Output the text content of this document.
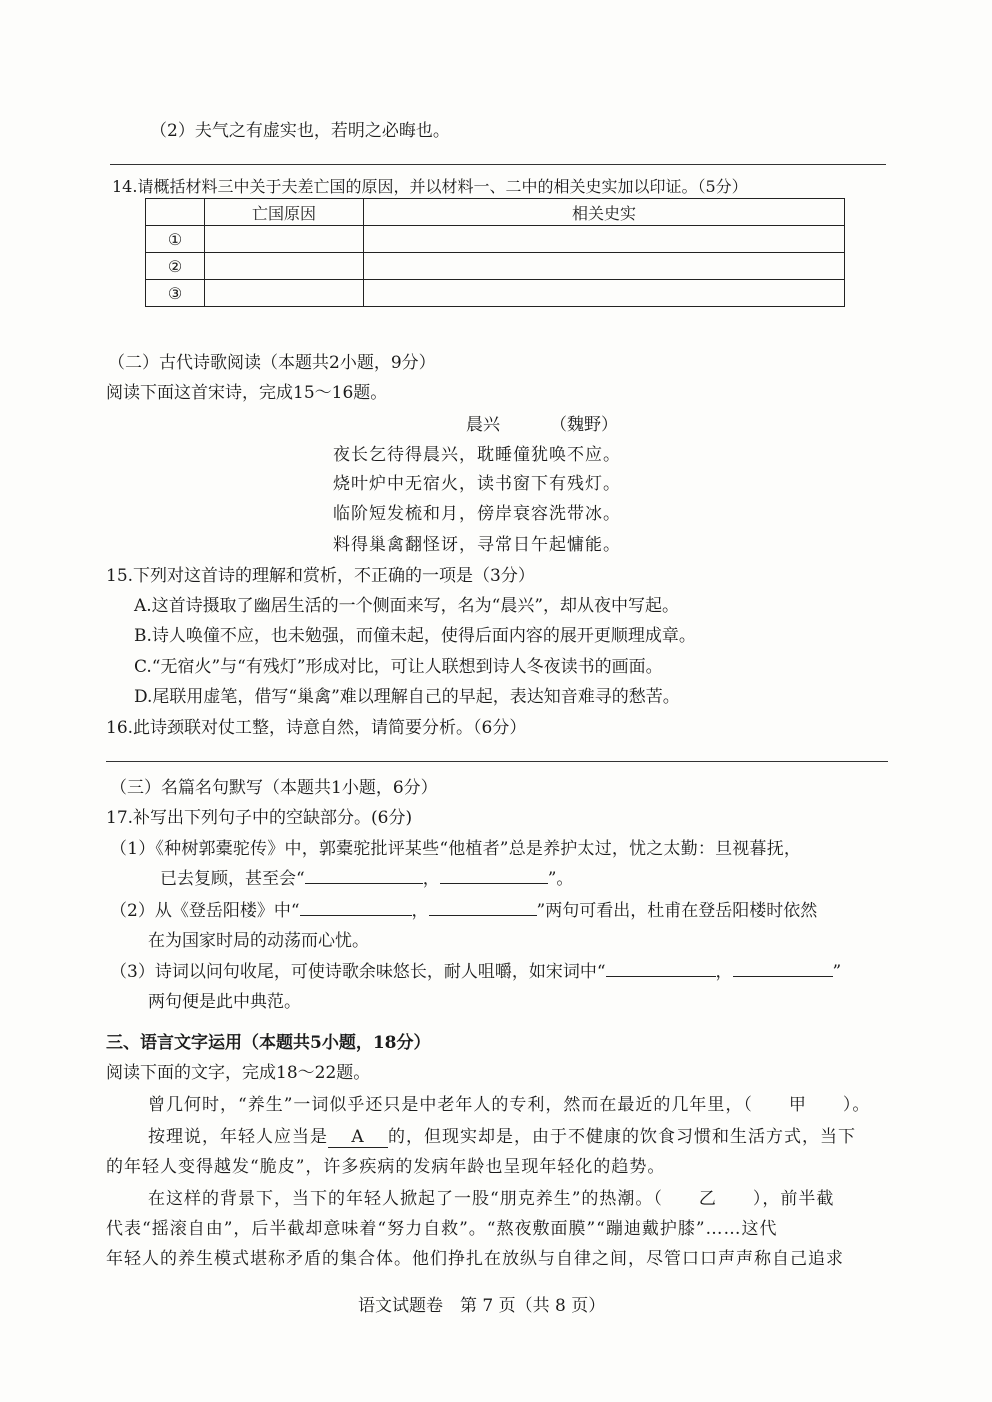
（2）夫气之有虚实也，若明之必晦也。
14.请概括材料三中关于夫差亡国的原因，并以材料一、二中的相关史实加以印证。（5分）
	亡国原因	相关史实
①		
②		
③		
（二）古代诗歌阅读（本题共2小题，9分）
阅读下面这首宋诗，完成15～16题。
晨兴	（魏野）
夜长乞待得晨兴，耽睡僮犹唤不应。
烧叶炉中无宿火，读书窗下有残灯。
临阶短发梳和月，傍岸衰容洗带冰。
料得巢禽翻怪讶，寻常日午起慵能。
15.下列对这首诗的理解和赏析，不正确的一项是（3分）
A.这首诗摄取了幽居生活的一个侧面来写，名为“晨兴”，却从夜中写起。
B.诗人唤僮不应，也未勉强，而僮未起，使得后面内容的展开更顺理成章。
C.“无宿火”与“有残灯”形成对比，可让人联想到诗人冬夜读书的画面。
D.尾联用虚笔，借写“巢禽”难以理解自己的早起，表达知音难寻的愁苦。
16.此诗颈联对仗工整，诗意自然，请简要分析。（6分）
（三）名篇名句默写（本题共1小题，6分）
17.补写出下列句子中的空缺部分。(6分)
（1）《种树郭橐驼传》中，郭橐驼批评某些“他植者”总是养护太过，忧之太勤：旦视暮抚，
已去复顾，甚至会“	，	”。
（2）从《登岳阳楼》中“	，	”两句可看出，杜甫在登岳阳楼时依然
在为国家时局的动荡而心忧。
（3）诗词以问句收尾，可使诗歌余味悠长，耐人咀嚼，如宋词中“	，	”
两句便是此中典范。
三、语言文字运用（本题共5小题，18分）
阅读下面的文字，完成18～22题。
曾几何时，“养生”一词似乎还只是中老年人的专利，然而在最近的几年里，（　　甲　　）。
按理说，年轻人应当是 A 的，但现实却是，由于不健康的饮食习惯和生活方式，当下
的年轻人变得越发“脆皮”，许多疾病的发病年龄也呈现年轻化的趋势。
在这样的背景下，当下的年轻人掀起了一股“朋克养生”的热潮。（　　乙　　），前半截
代表“摇滚自由”，后半截却意味着“努力自救”。“熬夜敷面膜”“蹦迪戴护膝”……这代
年轻人的养生模式堪称矛盾的集合体。他们挣扎在放纵与自律之间，尽管口口声声称自己追求
语文试题卷　第 7 页（共 8 页）
